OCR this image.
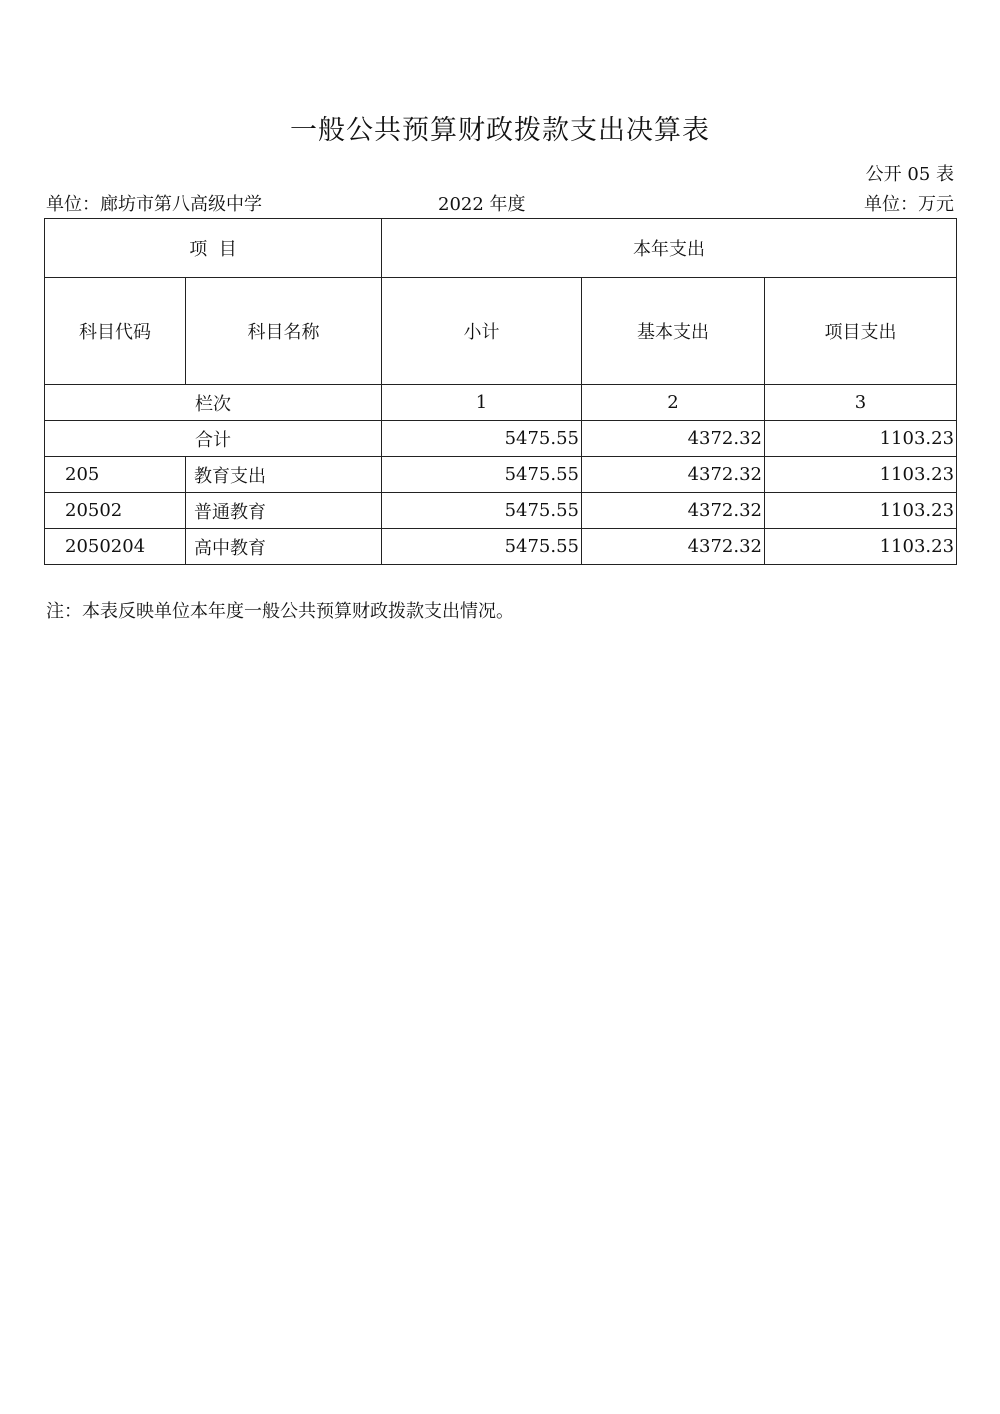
一般公共预算财政拨款支出决算表
公开 05 表
单位：廊坊市第八高级中学	2022 年度	单位：万元
项  目		本年支出		
科目代码	科目名称	小计	基本支出	项目支出
栏次		1	2	3
合计		5475.55	4372.32	1103.23
205	教育支出	5475.55	4372.32	1103.23
20502	普通教育	5475.55	4372.32	1103.23
2050204	高中教育	5475.55	4372.32	1103.23
注：本表反映单位本年度一般公共预算财政拨款支出情况。
